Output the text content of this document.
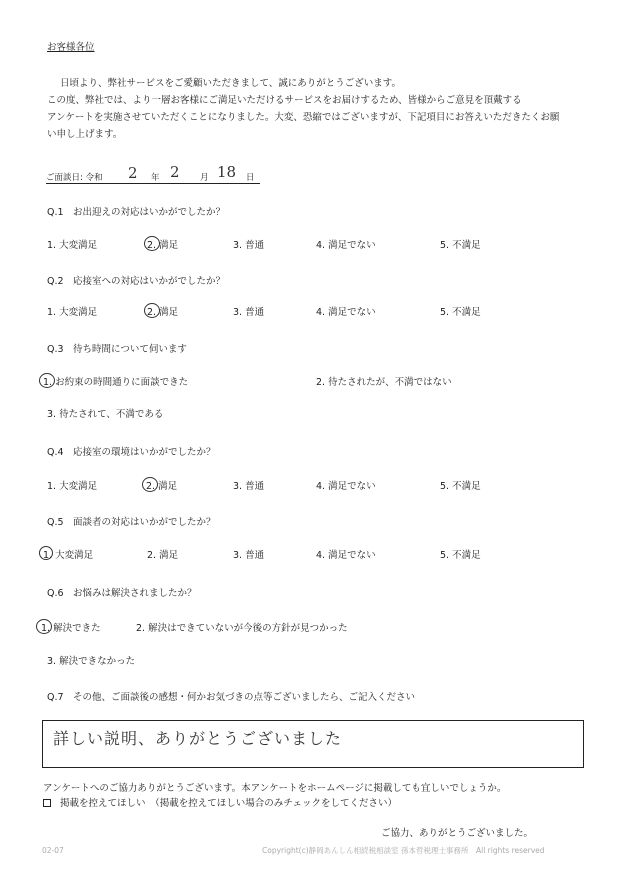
お客様各位
日頃より、弊社サービスをご愛顧いただきまして、誠にありがとうございます。
この度、弊社では、より一層お客様にご満足いただけるサービスをお届けするため、皆様からご意見を頂戴する
アンケートを実施させていただくことになりました。大変、恐縮ではございますが、下記項目にお答えいただきたくお願
い申し上げます。
ご面談日: 令和 2 年 2 月 18 日
Q.1　お出迎えの対応はいかがでしたか？
1. 大変満足	2. 満足	3. 普通	4. 満足でない	5. 不満足
Q.2　応接室への対応はいかがでしたか？
1. 大変満足	2. 満足	3. 普通	4. 満足でない	5. 不満足
Q.3　待ち時間について伺います
1. お約束の時間通りに面談できた	2. 待たされたが、不満ではない
3. 待たされて、不満である
Q.4　応接室の環境はいかがでしたか？
1. 大変満足	2. 満足	3. 普通	4. 満足でない	5. 不満足
Q.5　面談者の対応はいかがでしたか？
1. 大変満足	2. 満足	3. 普通	4. 満足でない	5. 不満足
Q.6　お悩みは解決されましたか？
1. 解決できた	2. 解決はできていないが今後の方針が見つかった
3. 解決できなかった
Q.7　その他、ご面談後の感想・何かお気づきの点等ございましたら、ご記入ください
詳しい説明、ありがとうございました
アンケートへのご協力ありがとうございます。本アンケートをホームページに掲載しても宜しいでしょうか。
掲載を控えてほしい　（掲載を控えてほしい場合のみチェックをしてください）
ご協力、ありがとうございました。
02-07	Copyright(c)静岡あんしん相続税相談室 孫本哲税理士事務所　All rights reserved
